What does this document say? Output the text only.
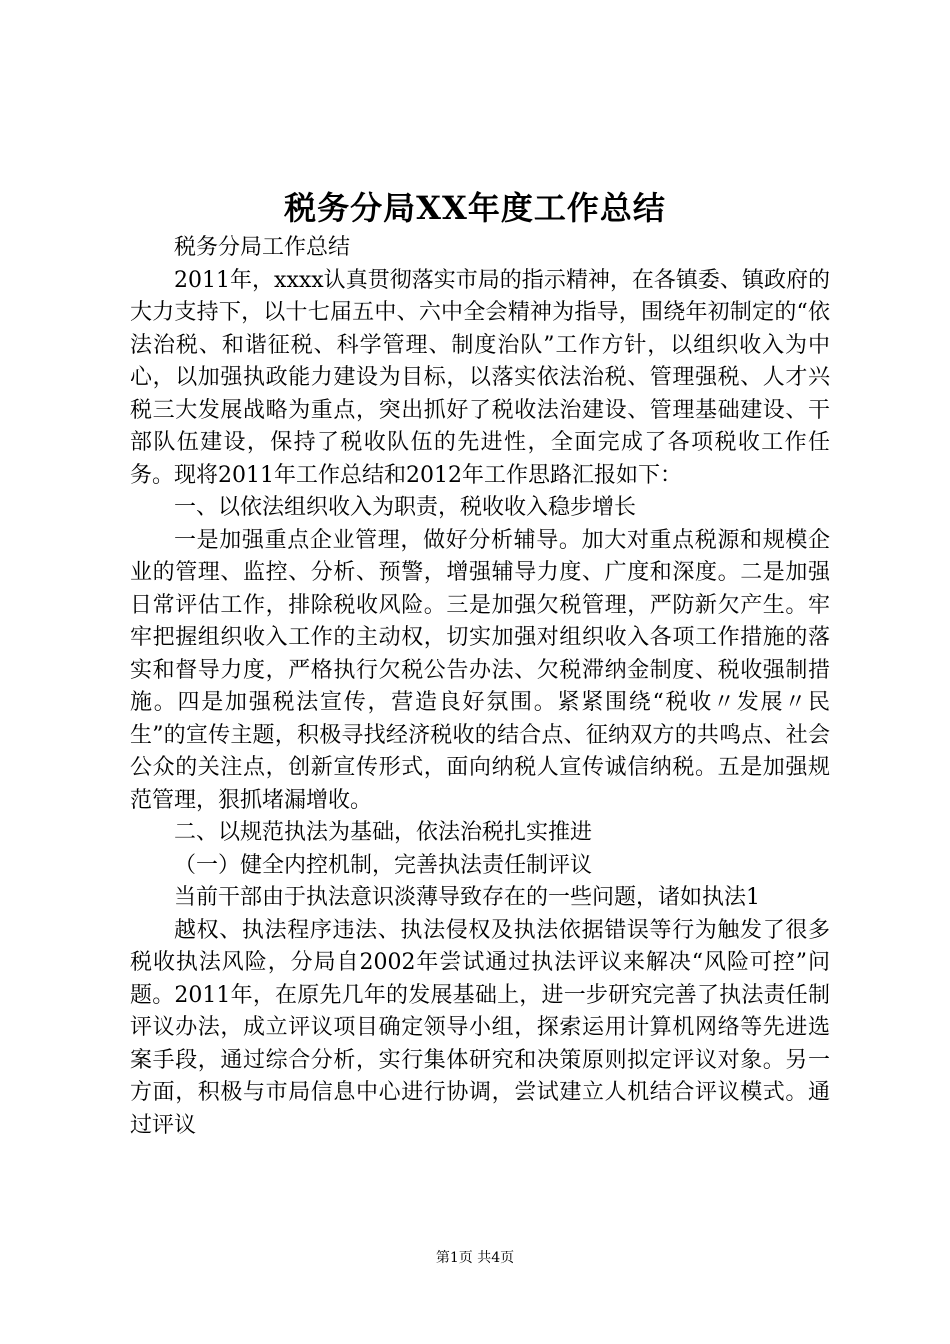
税务分局XX年度工作总结

税务分局工作总结

2011年，xxxx认真贯彻落实市局的指示精神，在各镇委、镇政府的大力支持下，以十七届五中、六中全会精神为指导，围绕年初制定的“依法治税、和谐征税、科学管理、制度治队”工作方针，以组织收入为中心，以加强执政能力建设为目标，以落实依法治税、管理强税、人才兴税三大发展战略为重点，突出抓好了税收法治建设、管理基础建设、干部队伍建设，保持了税收队伍的先进性，全面完成了各项税收工作任务。现将2011年工作总结和2012年工作思路汇报如下：

一、以依法组织收入为职责，税收收入稳步增长

一是加强重点企业管理，做好分析辅导。加大对重点税源和规模企业的管理、监控、分析、预警，增强辅导力度、广度和深度。二是加强日常评估工作，排除税收风险。三是加强欠税管理，严防新欠产生。牢牢把握组织收入工作的主动权，切实加强对组织收入各项工作措施的落实和督导力度，严格执行欠税公告办法、欠税滞纳金制度、税收强制措施。四是加强税法宣传，营造良好氛围。紧紧围绕“税收〃发展〃民生”的宣传主题，积极寻找经济税收的结合点、征纳双方的共鸣点、社会公众的关注点，创新宣传形式，面向纳税人宣传诚信纳税。五是加强规范管理，狠抓堵漏增收。

二、以规范执法为基础，依法治税扎实推进

（一）健全内控机制，完善执法责任制评议

当前干部由于执法意识淡薄导致存在的一些问题，诸如执法1

越权、执法程序违法、执法侵权及执法依据错误等行为触发了很多税收执法风险，分局自2002年尝试通过执法评议来解决“风险可控”问题。2011年，在原先几年的发展基础上，进一步研究完善了执法责任制评议办法，成立评议项目确定领导小组，探索运用计算机网络等先进选案手段，通过综合分析，实行集体研究和决策原则拟定评议对象。另一方面，积极与市局信息中心进行协调，尝试建立人机结合评议模式。通过评议

第1页 共4页
